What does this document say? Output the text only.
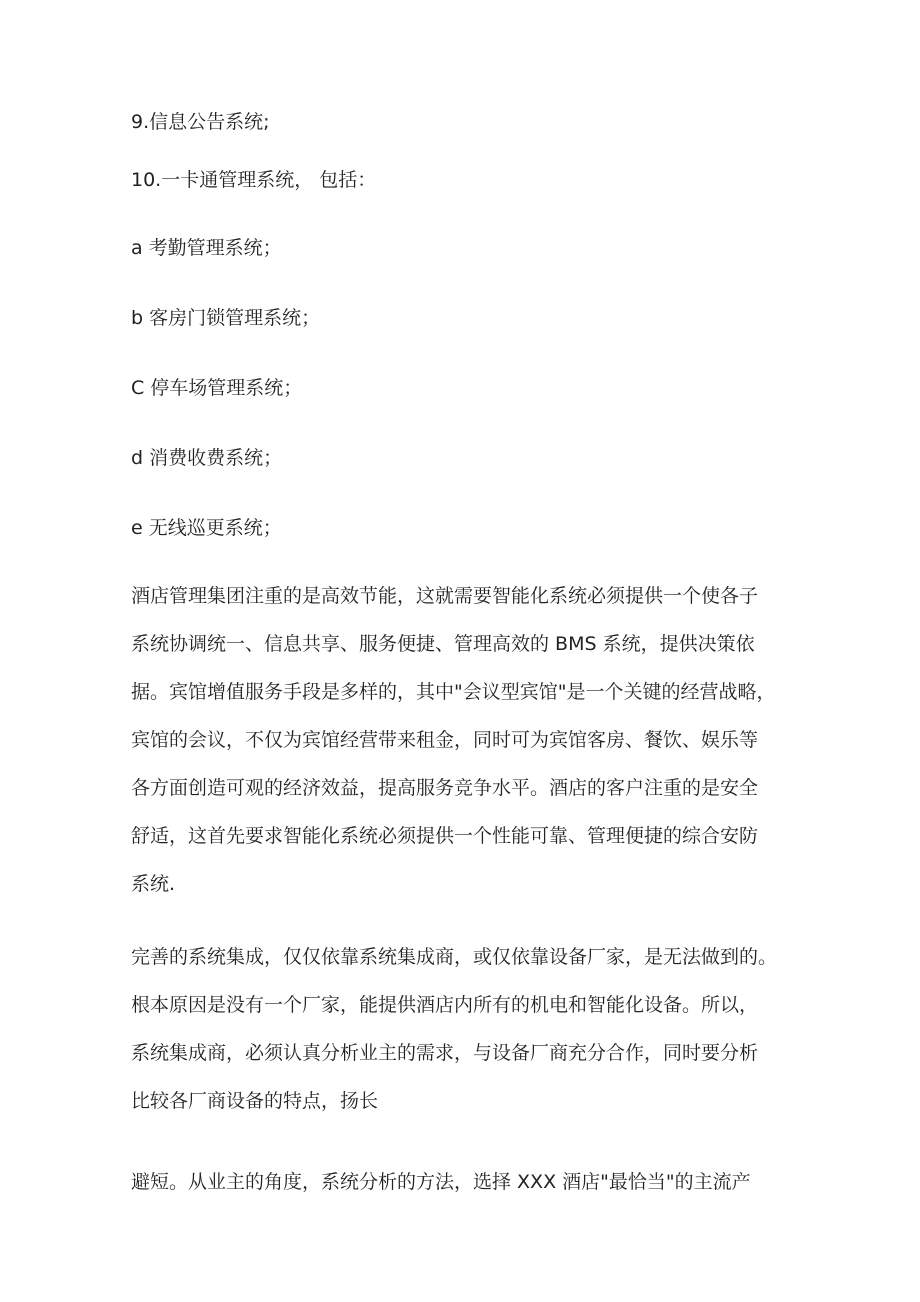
9.信息公告系统;
10.一卡通管理系统， 包括：
a 考勤管理系统；
b 客房门锁管理系统；
C 停车场管理系统；
d 消费收费系统；
e 无线巡更系统；
酒店管理集团注重的是高效节能，这就需要智能化系统必须提供一个使各子
系统协调统一、信息共享、服务便捷、管理高效的 BMS 系统，提供决策依
据。宾馆增值服务手段是多样的，其中"会议型宾馆"是一个关键的经营战略，
宾馆的会议，不仅为宾馆经营带来租金，同时可为宾馆客房、餐饮、娱乐等
各方面创造可观的经济效益，提高服务竞争水平。酒店的客户注重的是安全
舒适，这首先要求智能化系统必须提供一个性能可靠、管理便捷的综合安防
系统.
完善的系统集成，仅仅依靠系统集成商，或仅依靠设备厂家，是无法做到的。
根本原因是没有一个厂家，能提供酒店内所有的机电和智能化设备。所以，
系统集成商，必须认真分析业主的需求，与设备厂商充分合作，同时要分析
比较各厂商设备的特点，扬长
避短。从业主的角度，系统分析的方法，选择 XXX 酒店"最恰当"的主流产
